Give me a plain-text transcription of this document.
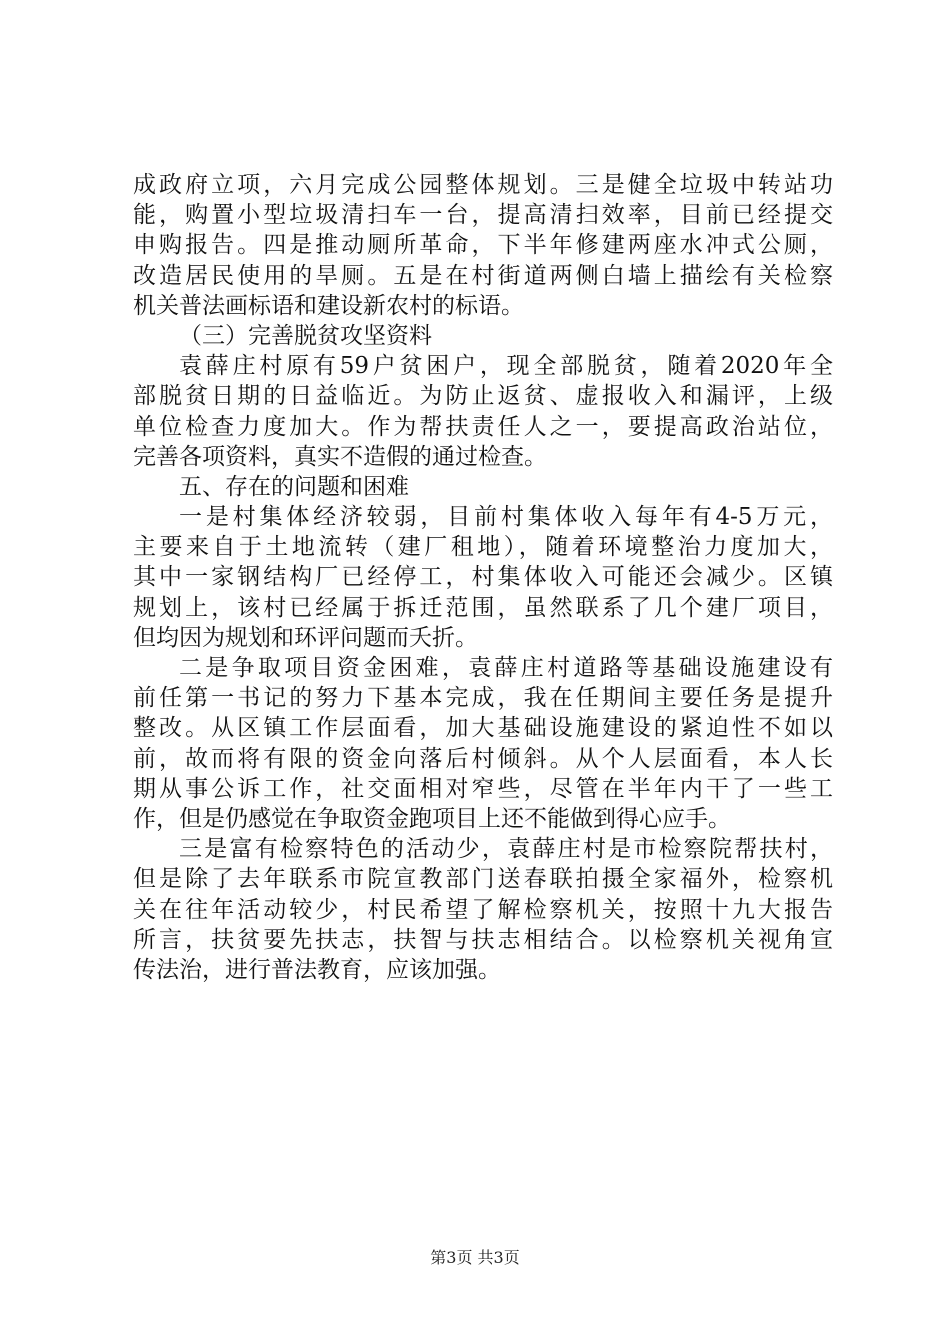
成政府立项，六月完成公园整体规划。三是健全垃圾中转站功
能，购置小型垃圾清扫车一台，提高清扫效率，目前已经提交
申购报告。四是推动厕所革命，下半年修建两座水冲式公厕，
改造居民使用的旱厕。五是在村街道两侧白墙上描绘有关检察
机关普法画标语和建设新农村的标语。
（三）完善脱贫攻坚资料
袁薛庄村原有59户贫困户，现全部脱贫，随着2020年全
部脱贫日期的日益临近。为防止返贫、虚报收入和漏评，上级
单位检查力度加大。作为帮扶责任人之一，要提高政治站位，
完善各项资料，真实不造假的通过检查。
五、存在的问题和困难
一是村集体经济较弱，目前村集体收入每年有4-5万元，
主要来自于土地流转（建厂租地），随着环境整治力度加大，
其中一家钢结构厂已经停工，村集体收入可能还会减少。区镇
规划上，该村已经属于拆迁范围，虽然联系了几个建厂项目，
但均因为规划和环评问题而夭折。
二是争取项目资金困难，袁薛庄村道路等基础设施建设有
前任第一书记的努力下基本完成，我在任期间主要任务是提升
整改。从区镇工作层面看，加大基础设施建设的紧迫性不如以
前，故而将有限的资金向落后村倾斜。从个人层面看，本人长
期从事公诉工作，社交面相对窄些，尽管在半年内干了一些工
作，但是仍感觉在争取资金跑项目上还不能做到得心应手。
三是富有检察特色的活动少，袁薛庄村是市检察院帮扶村，
但是除了去年联系市院宣教部门送春联拍摄全家福外，检察机
关在往年活动较少，村民希望了解检察机关，按照十九大报告
所言，扶贫要先扶志，扶智与扶志相结合。以检察机关视角宣
传法治，进行普法教育，应该加强。
第3页 共3页
